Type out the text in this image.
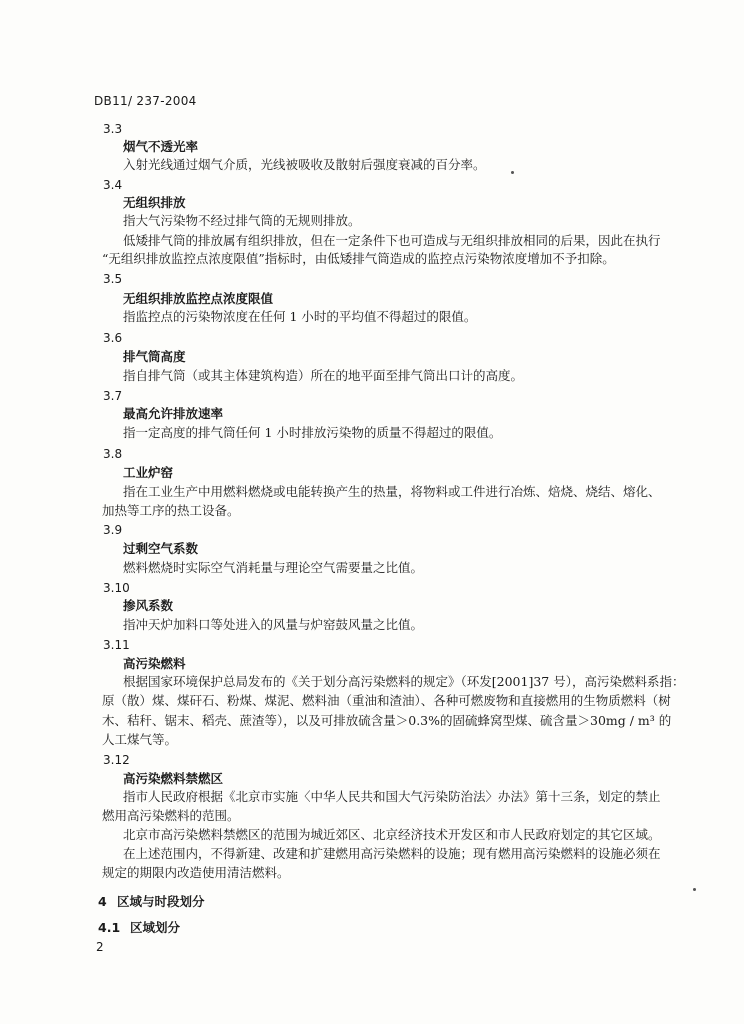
DB11/ 237-2004
3.3
烟气不透光率
入射光线通过烟气介质，光线被吸收及散射后强度衰减的百分率。
3.4
无组织排放
指大气污染物不经过排气筒的无规则排放。
低矮排气筒的排放属有组织排放，但在一定条件下也可造成与无组织排放相同的后果，因此在执行
“无组织排放监控点浓度限值”指标时，由低矮排气筒造成的监控点污染物浓度增加不予扣除。
3.5
无组织排放监控点浓度限值
指监控点的污染物浓度在任何 1 小时的平均值不得超过的限值。
3.6
排气筒高度
指自排气筒（或其主体建筑构造）所在的地平面至排气筒出口计的高度。
3.7
最高允许排放速率
指一定高度的排气筒任何 1 小时排放污染物的质量不得超过的限值。
3.8
工业炉窑
指在工业生产中用燃料燃烧或电能转换产生的热量，将物料或工件进行冶炼、焙烧、烧结、熔化、
加热等工序的热工设备。
3.9
过剩空气系数
燃料燃烧时实际空气消耗量与理论空气需要量之比值。
3.10
掺风系数
指冲天炉加料口等处进入的风量与炉窑鼓风量之比值。
3.11
高污染燃料
根据国家环境保护总局发布的《关于划分高污染燃料的规定》（环发[2001]37 号），高污染燃料系指：
原（散）煤、煤矸石、粉煤、煤泥、燃料油（重油和渣油）、各种可燃废物和直接燃用的生物质燃料（树
木、秸秆、锯末、稻壳、蔗渣等），以及可排放硫含量＞0.3%的固硫蜂窝型煤、硫含量＞30mg / m³ 的
人工煤气等。
3.12
高污染燃料禁燃区
指市人民政府根据《北京市实施〈中华人民共和国大气污染防治法〉办法》第十三条，划定的禁止
燃用高污染燃料的范围。
北京市高污染燃料禁燃区的范围为城近郊区、北京经济技术开发区和市人民政府划定的其它区域。
在上述范围内，不得新建、改建和扩建燃用高污染燃料的设施；现有燃用高污染燃料的设施必须在
规定的期限内改造使用清洁燃料。
4 区域与时段划分
4.1 区域划分
2
